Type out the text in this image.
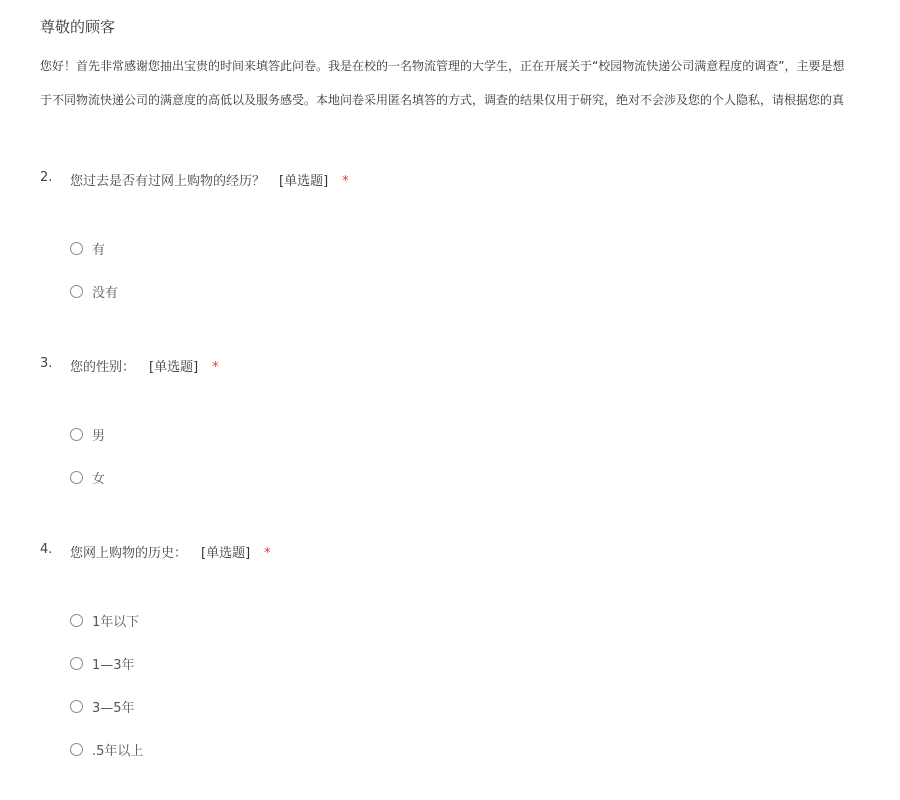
尊敬的顾客
您好！首先非常感谢您抽出宝贵的时间来填答此问卷。我是在校的一名物流管理的大学生，正在开展关于“校园物流快递公司满意程度的调查”，主要是想
于不同物流快递公司的满意度的高低以及服务感受。本地问卷采用匿名填答的方式，调查的结果仅用于研究，绝对不会涉及您的个人隐私，请根据您的真
2. 您过去是否有过网上购物的经历？ [单选题] *
有
没有
3. 您的性别： [单选题] *
男
女
4. 您网上购物的历史： [单选题] *
1年以下
1—3年
3—5年
.5年以上
